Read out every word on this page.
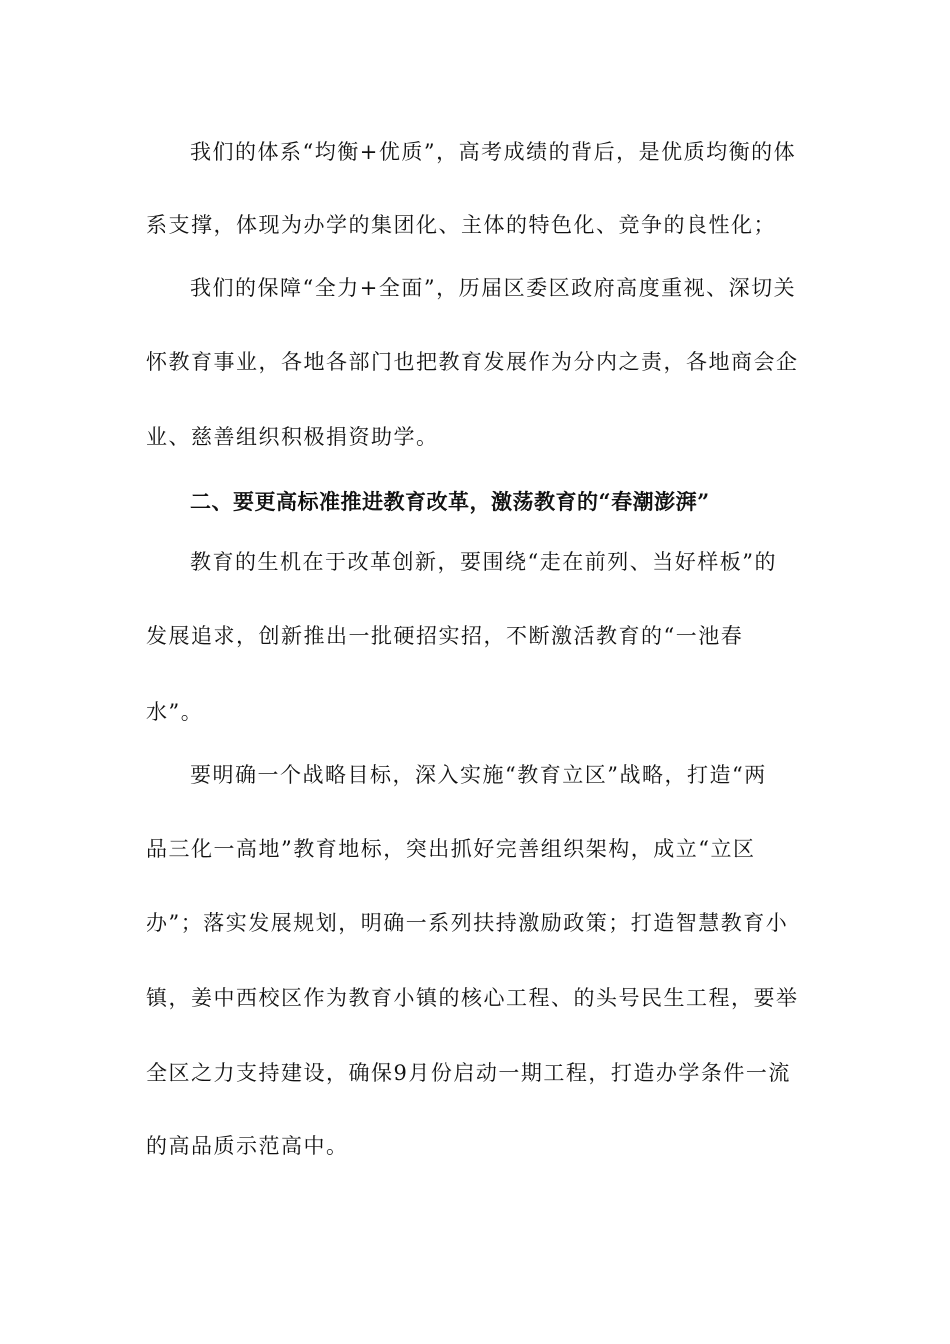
我们的体系“均衡+优质”，高考成绩的背后，是优质均衡的体
系支撑，体现为办学的集团化、主体的特色化、竞争的良性化；
我们的保障“全力+全面”，历届区委区政府高度重视、深切关
怀教育事业，各地各部门也把教育发展作为分内之责，各地商会企
业、慈善组织积极捐资助学。
二、要更高标准推进教育改革，激荡教育的“春潮澎湃”
教育的生机在于改革创新，要围绕“走在前列、当好样板”的
发展追求，创新推出一批硬招实招，不断激活教育的“一池春
水”。
要明确一个战略目标，深入实施“教育立区”战略，打造“两
品三化一高地”教育地标，突出抓好完善组织架构，成立“立区
办”；落实发展规划，明确一系列扶持激励政策；打造智慧教育小
镇，姜中西校区作为教育小镇的核心工程、的头号民生工程，要举
全区之力支持建设，确保9月份启动一期工程，打造办学条件一流
的高品质示范高中。
